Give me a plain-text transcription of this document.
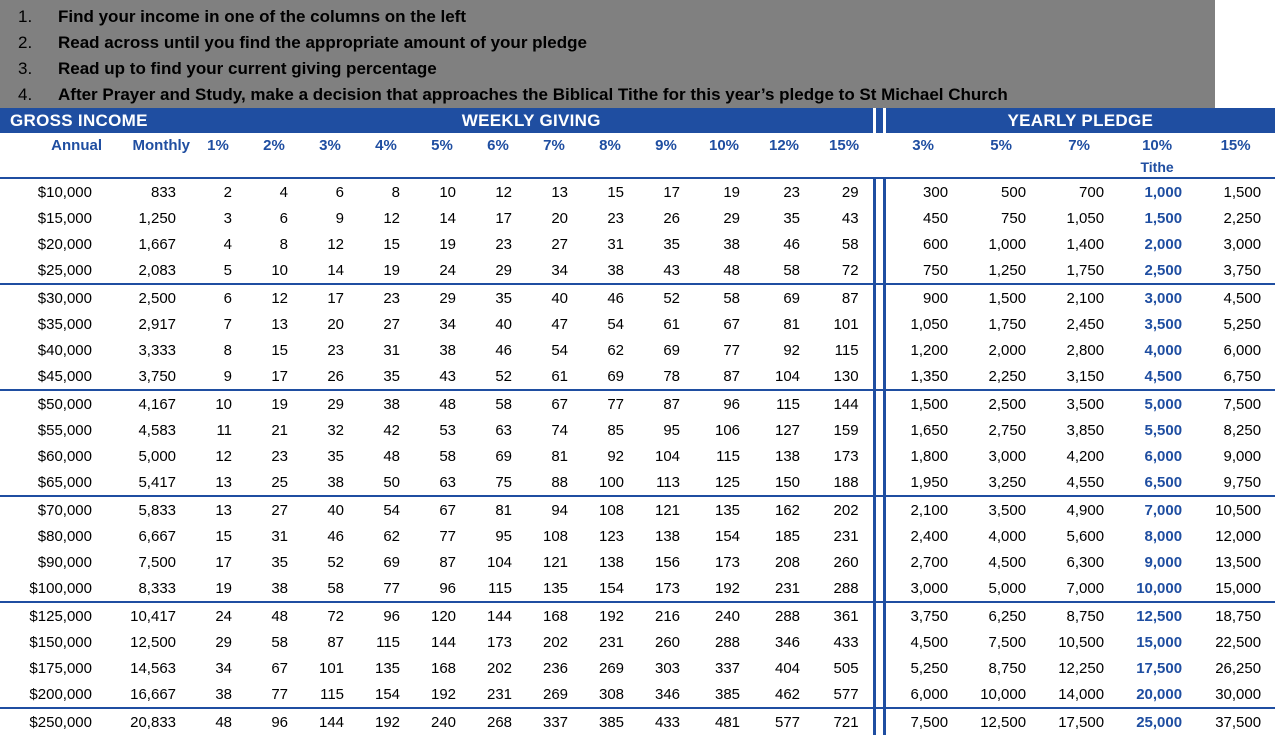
Find your income in one of the columns on the left
Read across until you find the appropriate amount of your pledge
Read up to find your current giving percentage
After Prayer and Study, make a decision that approaches the Biblical Tithe for this year’s pledge to St Michael Church
GROSS INCOME		WEEKLY GIVING													YEARLY PLEDGE				
Annual	Monthly	1%	2%	3%	4%	5%	6%	7%	8%	9%	10%	12%	15%		3%	5%	7%	10%	15%
																		Tithe	
$10,000	833	2	4	6	8	10	12	13	15	17	19	23	29		300	500	700	1,000	1,500
$15,000	1,250	3	6	9	12	14	17	20	23	26	29	35	43		450	750	1,050	1,500	2,250
$20,000	1,667	4	8	12	15	19	23	27	31	35	38	46	58		600	1,000	1,400	2,000	3,000
$25,000	2,083	5	10	14	19	24	29	34	38	43	48	58	72		750	1,250	1,750	2,500	3,750
$30,000	2,500	6	12	17	23	29	35	40	46	52	58	69	87		900	1,500	2,100	3,000	4,500
$35,000	2,917	7	13	20	27	34	40	47	54	61	67	81	101		1,050	1,750	2,450	3,500	5,250
$40,000	3,333	8	15	23	31	38	46	54	62	69	77	92	115		1,200	2,000	2,800	4,000	6,000
$45,000	3,750	9	17	26	35	43	52	61	69	78	87	104	130		1,350	2,250	3,150	4,500	6,750
$50,000	4,167	10	19	29	38	48	58	67	77	87	96	115	144		1,500	2,500	3,500	5,000	7,500
$55,000	4,583	11	21	32	42	53	63	74	85	95	106	127	159		1,650	2,750	3,850	5,500	8,250
$60,000	5,000	12	23	35	48	58	69	81	92	104	115	138	173		1,800	3,000	4,200	6,000	9,000
$65,000	5,417	13	25	38	50	63	75	88	100	113	125	150	188		1,950	3,250	4,550	6,500	9,750
$70,000	5,833	13	27	40	54	67	81	94	108	121	135	162	202		2,100	3,500	4,900	7,000	10,500
$80,000	6,667	15	31	46	62	77	95	108	123	138	154	185	231		2,400	4,000	5,600	8,000	12,000
$90,000	7,500	17	35	52	69	87	104	121	138	156	173	208	260		2,700	4,500	6,300	9,000	13,500
$100,000	8,333	19	38	58	77	96	115	135	154	173	192	231	288		3,000	5,000	7,000	10,000	15,000
$125,000	10,417	24	48	72	96	120	144	168	192	216	240	288	361		3,750	6,250	8,750	12,500	18,750
$150,000	12,500	29	58	87	115	144	173	202	231	260	288	346	433		4,500	7,500	10,500	15,000	22,500
$175,000	14,563	34	67	101	135	168	202	236	269	303	337	404	505		5,250	8,750	12,250	17,500	26,250
$200,000	16,667	38	77	115	154	192	231	269	308	346	385	462	577		6,000	10,000	14,000	20,000	30,000
$250,000	20,833	48	96	144	192	240	268	337	385	433	481	577	721		7,500	12,500	17,500	25,000	37,500
